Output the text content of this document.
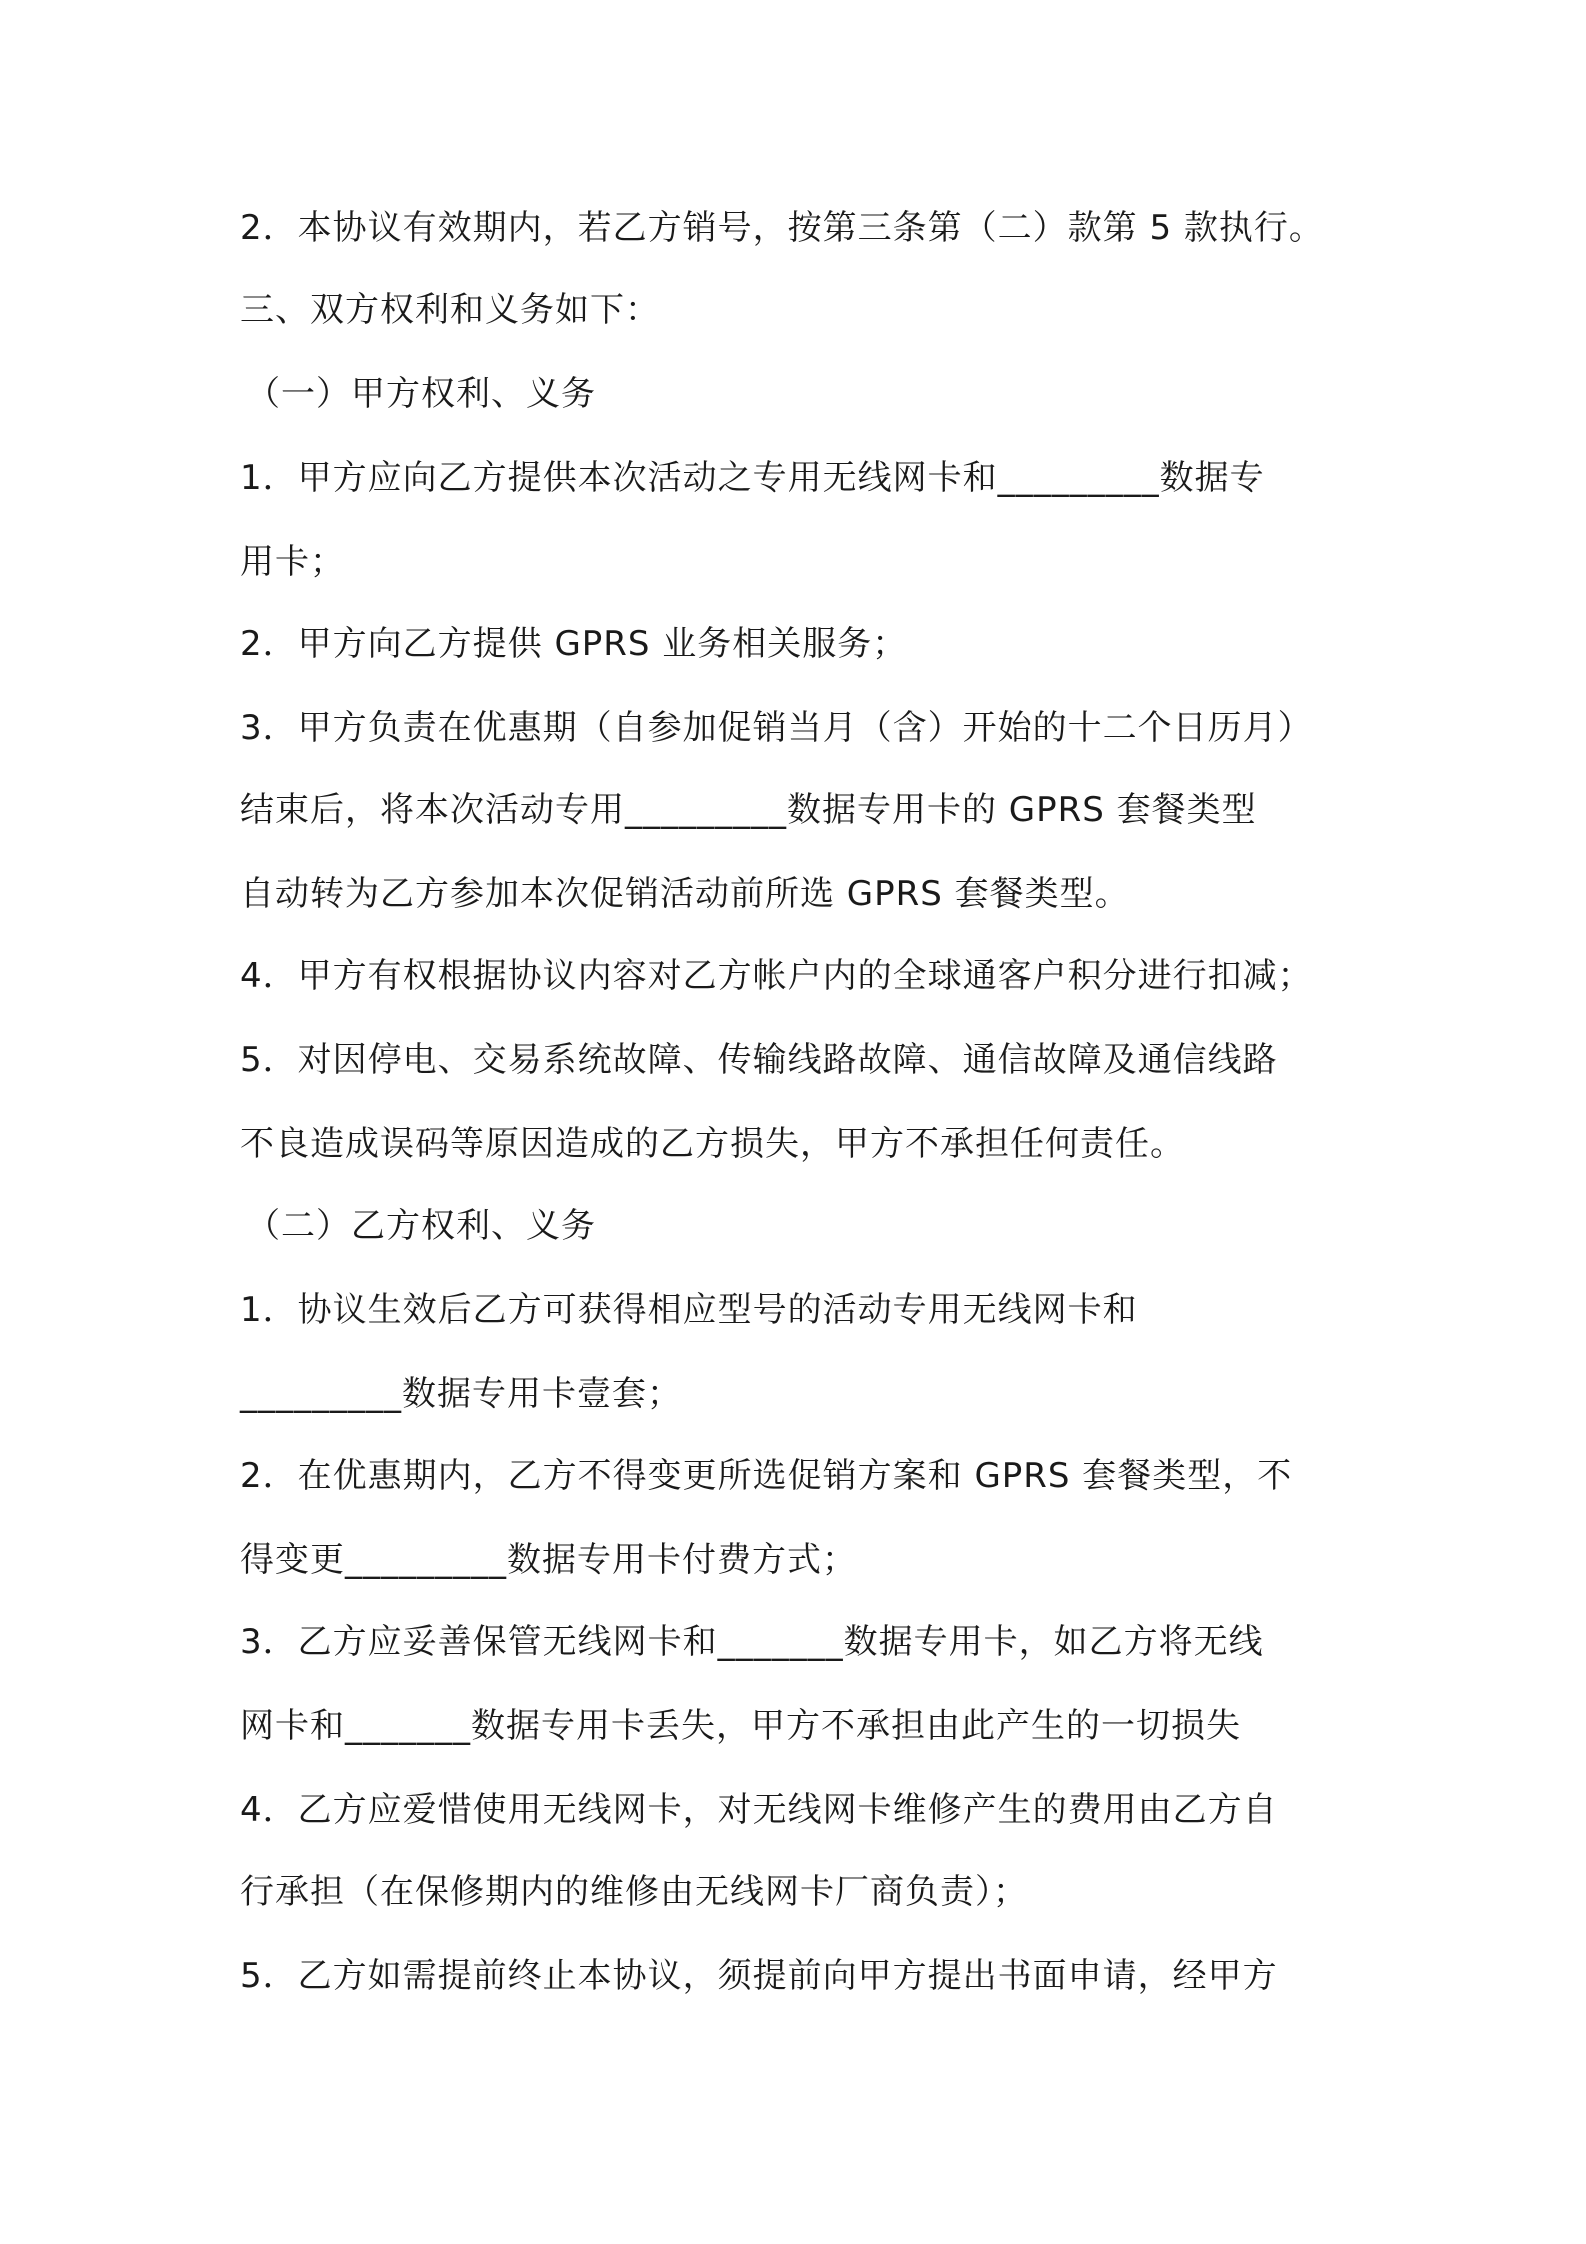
2．本协议有效期内，若乙方销号，按第三条第（二）款第 5 款执行。
三、双方权利和义务如下：
（一）甲方权利、义务
1．甲方应向乙方提供本次活动之专用无线网卡和_________数据专
用卡；
2．甲方向乙方提供 GPRS 业务相关服务；
3．甲方负责在优惠期（自参加促销当月（含）开始的十二个日历月）
结束后，将本次活动专用_________数据专用卡的 GPRS 套餐类型
自动转为乙方参加本次促销活动前所选 GPRS 套餐类型。
4．甲方有权根据协议内容对乙方帐户内的全球通客户积分进行扣减；
5．对因停电、交易系统故障、传输线路故障、通信故障及通信线路
不良造成误码等原因造成的乙方损失，甲方不承担任何责任。
（二）乙方权利、义务
1．协议生效后乙方可获得相应型号的活动专用无线网卡和
_________数据专用卡壹套；
2．在优惠期内，乙方不得变更所选促销方案和 GPRS 套餐类型，不
得变更_________数据专用卡付费方式；
3．乙方应妥善保管无线网卡和_______数据专用卡，如乙方将无线
网卡和_______数据专用卡丢失，甲方不承担由此产生的一切损失
4．乙方应爱惜使用无线网卡，对无线网卡维修产生的费用由乙方自
行承担（在保修期内的维修由无线网卡厂商负责）；
5．乙方如需提前终止本协议，须提前向甲方提出书面申请，经甲方
